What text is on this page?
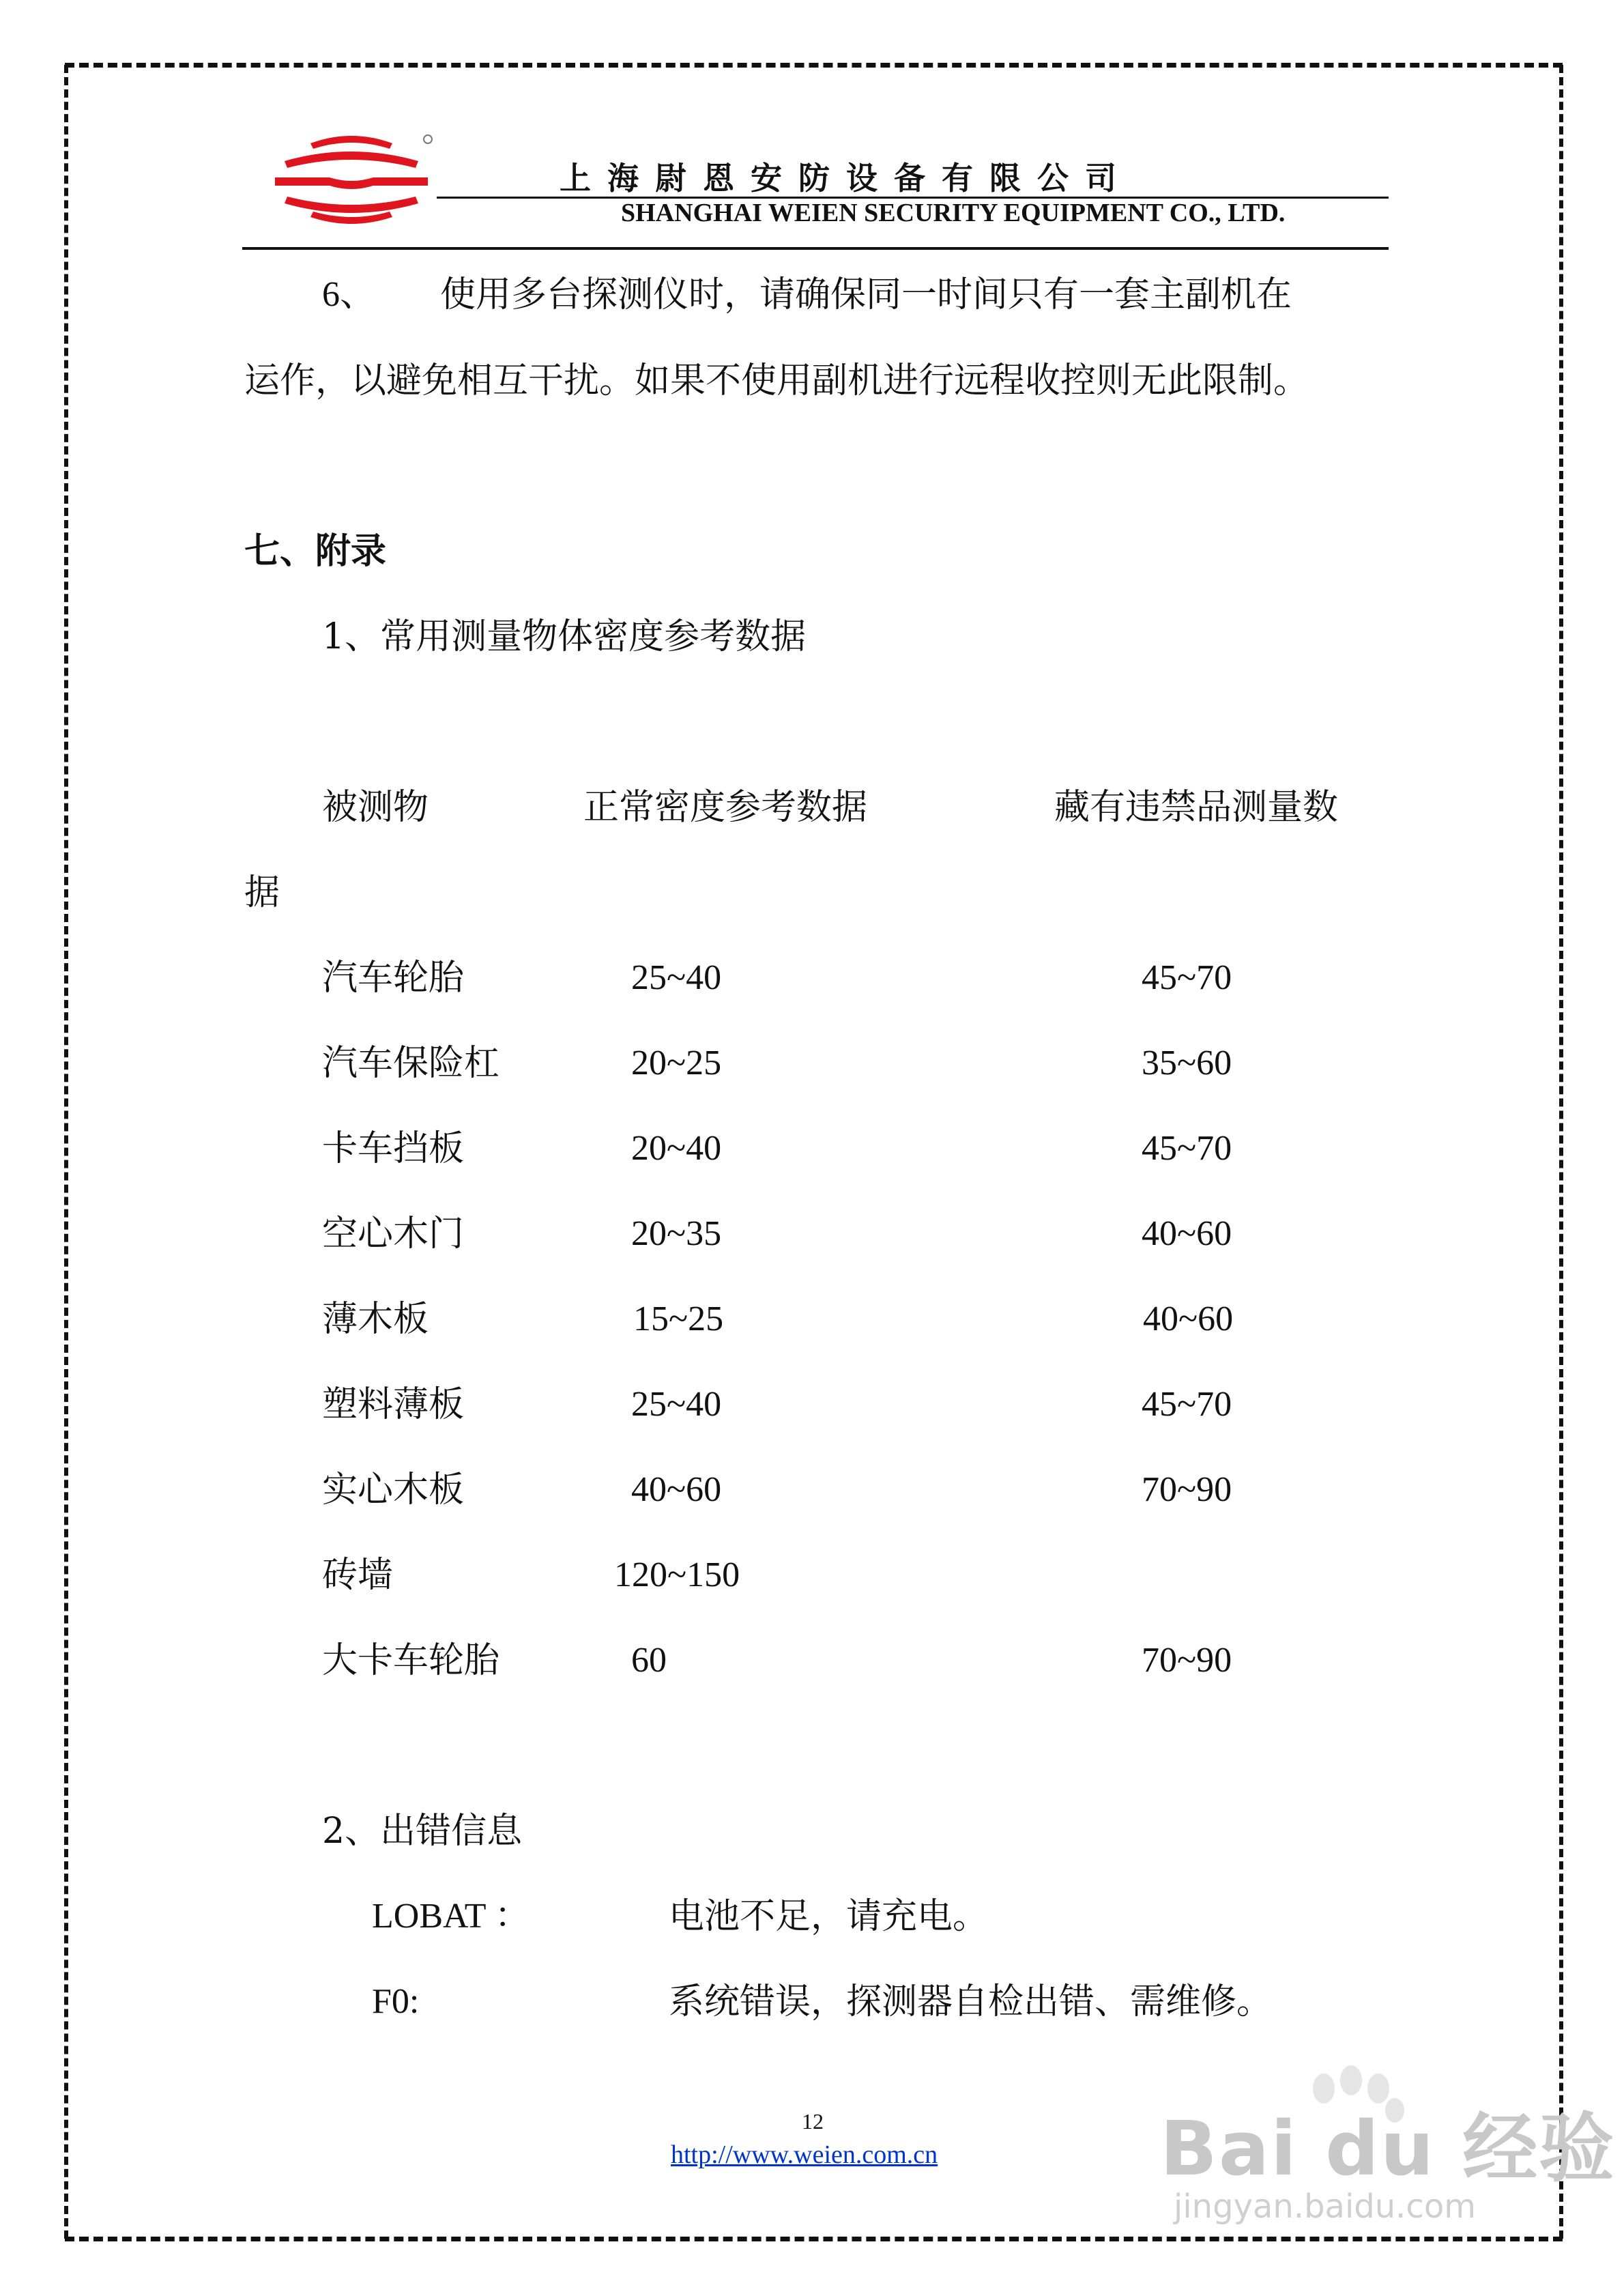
上海尉恩安防设备有限公司
SHANGHAI WEIEN SECURITY EQUIPMENT CO., LTD.
6、 使用多台探测仪时，请确保同一时间只有一套主副机在
运作，以避免相互干扰。如果不使用副机进行远程收控则无此限制。
七、附录
1、常用测量物体密度参考数据
被测物	正常密度参考数据	藏有违禁品测量数
据
汽车轮胎	25~40	45~70
汽车保险杠	20~25	35~60
卡车挡板	20~40	45~70
空心木门	20~35	40~60
薄木板	15~25	40~60
塑料薄板	25~40	45~70
实心木板	40~60	70~90
砖墙	120~150
大卡车轮胎	60	70~90
2、出错信息
LOBAT ：	电池不足，请充电。
F0:	系统错误，探测器自检出错、需维修。
12
http://www.weien.com.cn	Bai du 经验
jingyan.baidu.com
